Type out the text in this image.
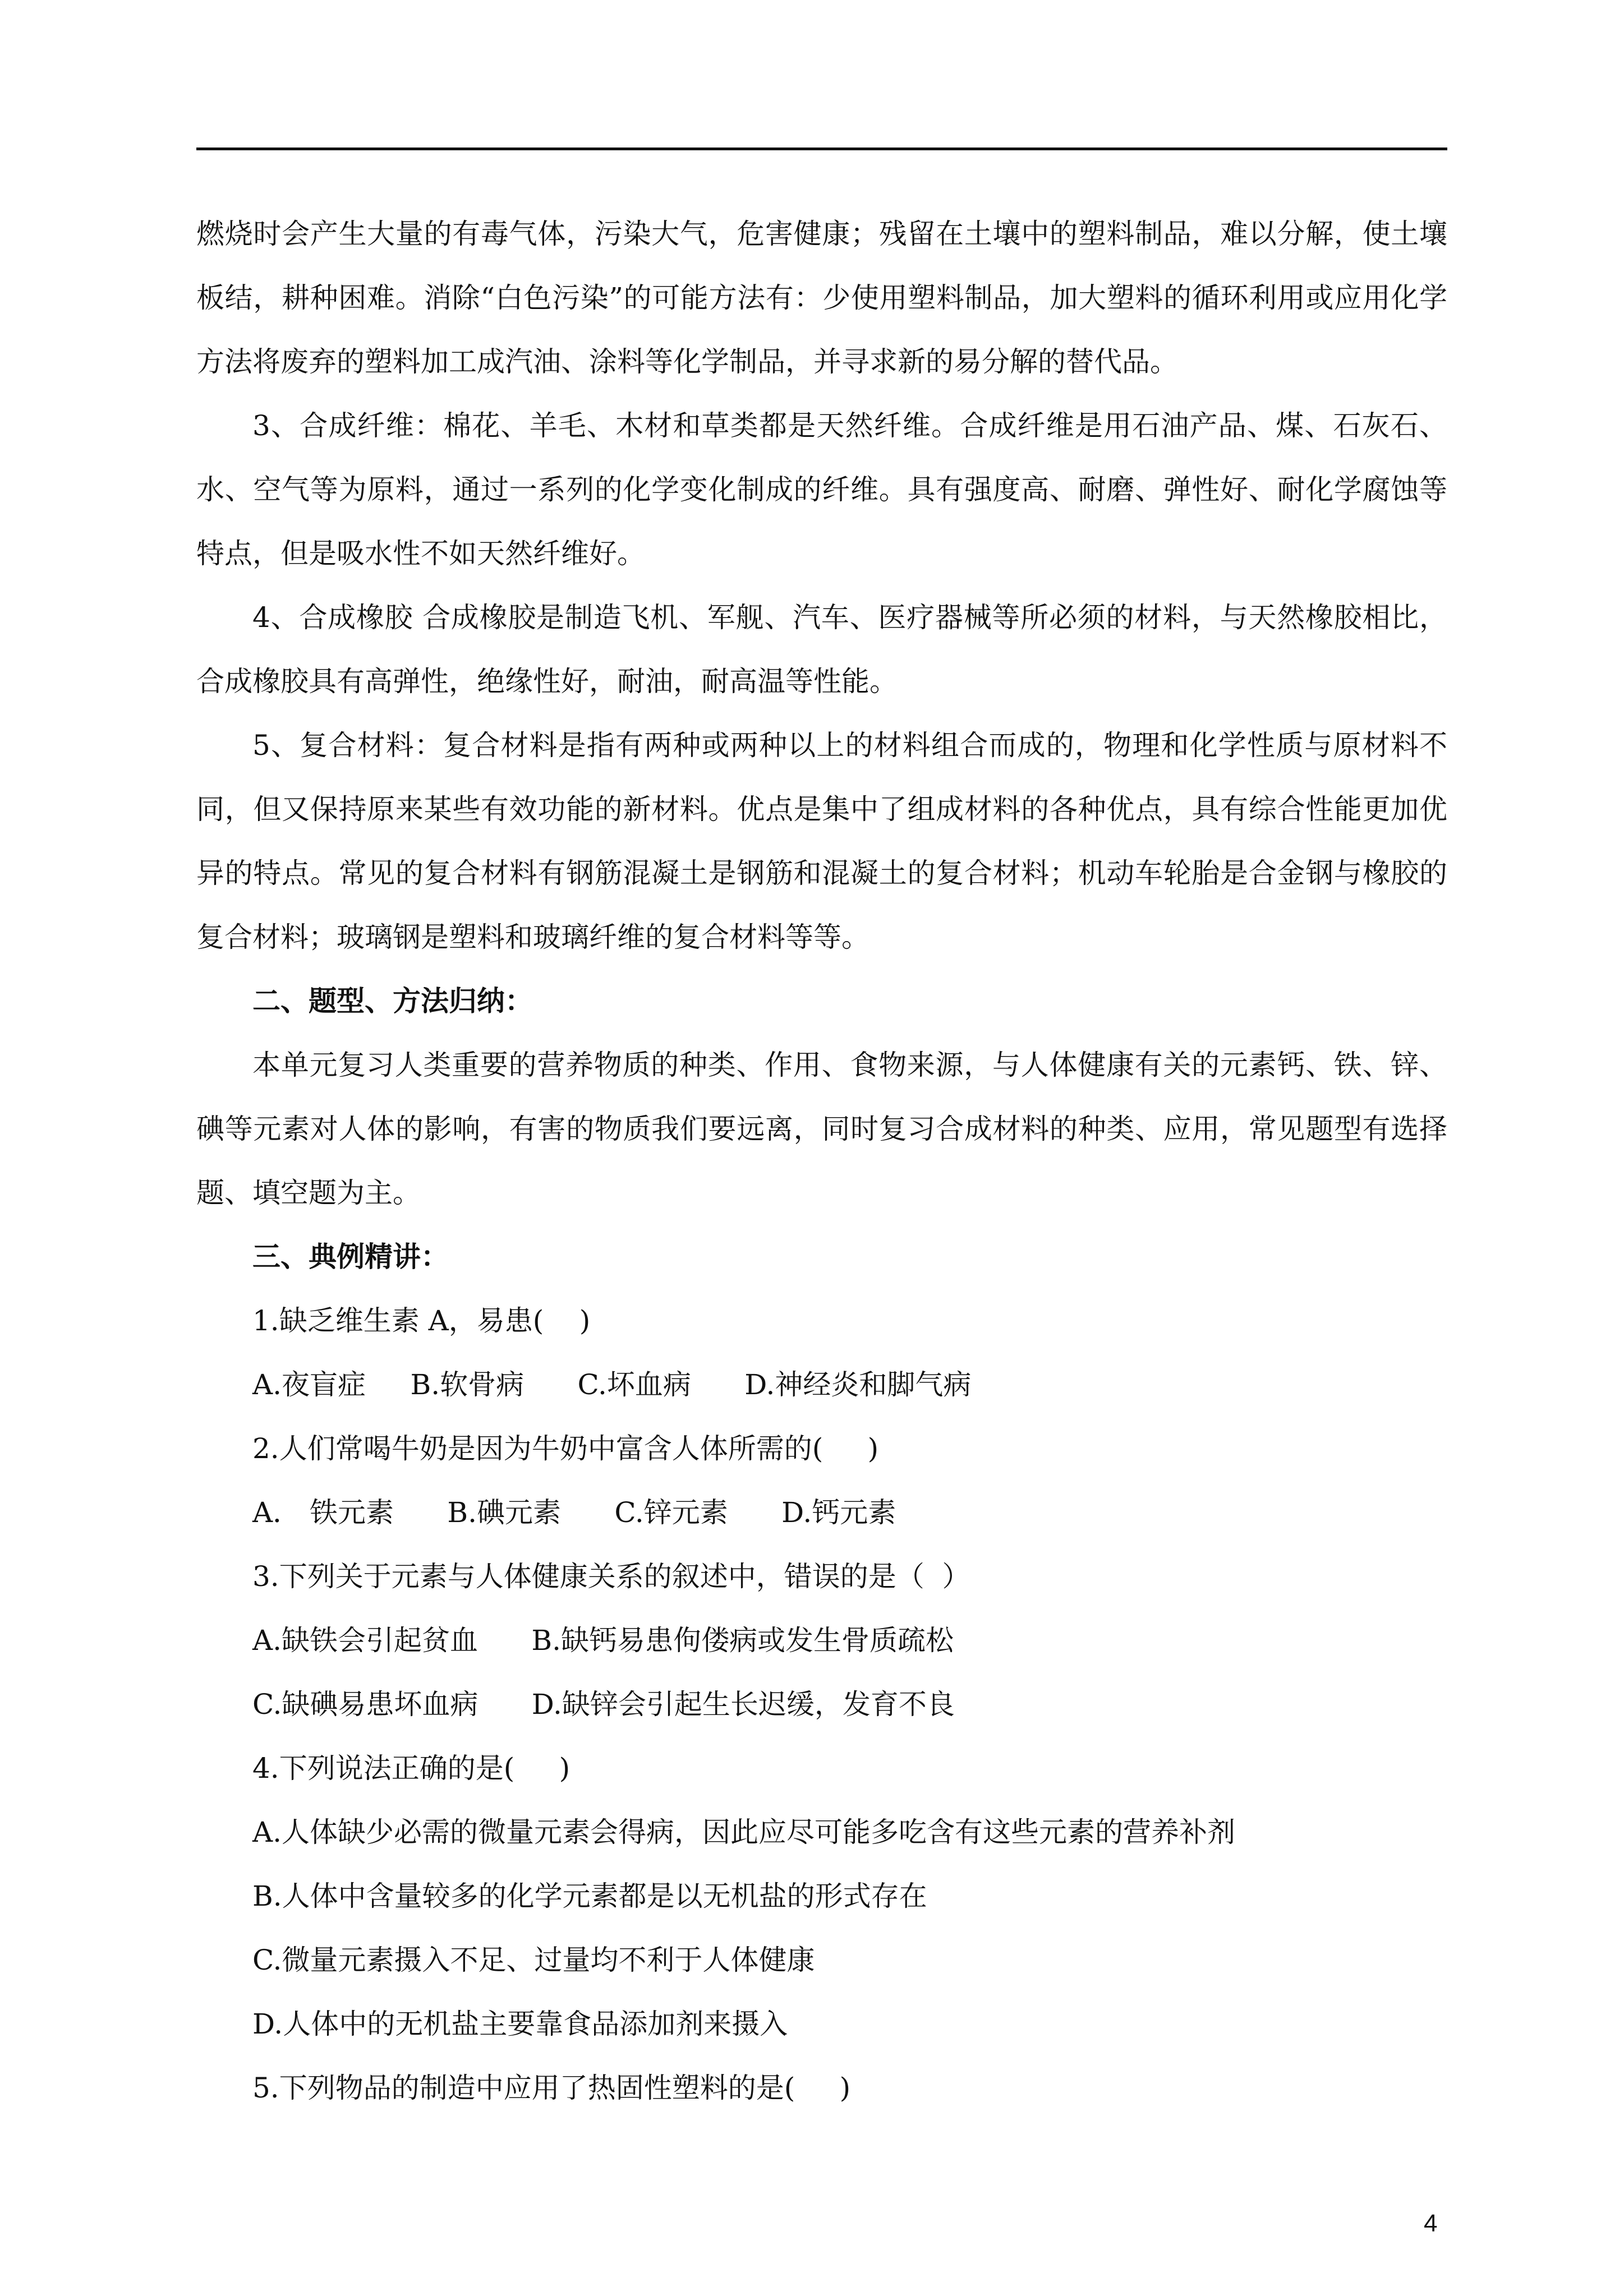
燃烧时会产生大量的有毒气体，污染大气，危害健康；残留在土壤中的塑料制品，难以分解，使土壤板结，耕种困难。消除“白色污染”的可能方法有：少使用塑料制品，加大塑料的循环利用或应用化学方法将废弃的塑料加工成汽油、涂料等化学制品，并寻求新的易分解的替代品。

3、合成纤维：棉花、羊毛、木材和草类都是天然纤维。合成纤维是用石油产品、煤、石灰石、水、空气等为原料，通过一系列的化学变化制成的纤维。具有强度高、耐磨、弹性好、耐化学腐蚀等特点，但是吸水性不如天然纤维好。

4、合成橡胶 合成橡胶是制造飞机、军舰、汽车、医疗器械等所必须的材料，与天然橡胶相比，合成橡胶具有高弹性，绝缘性好，耐油，耐高温等性能。

5、复合材料：复合材料是指有两种或两种以上的材料组合而成的，物理和化学性质与原材料不同，但又保持原来某些有效功能的新材料。优点是集中了组成材料的各种优点，具有综合性能更加优异的特点。常见的复合材料有钢筋混凝土是钢筋和混凝土的复合材料；机动车轮胎是合金钢与橡胶的复合材料；玻璃钢是塑料和玻璃纤维的复合材料等等。

二、题型、方法归纳：

本单元复习人类重要的营养物质的种类、作用、食物来源，与人体健康有关的元素钙、铁、锌、碘等元素对人体的影响，有害的物质我们要远离，同时复习合成材料的种类、应用，常见题型有选择题、填空题为主。

三、典例精讲：

1.缺乏维生素 A，易患(    )
A.夜盲症     B.软骨病      C.坏血病      D.神经炎和脚气病
2.人们常喝牛奶是因为牛奶中富含人体所需的(     )
A． 铁元素      B.碘元素      C.锌元素      D.钙元素
3.下列关于元素与人体健康关系的叙述中，错误的是（  ）
A.缺铁会引起贫血      B.缺钙易患佝偻病或发生骨质疏松
C.缺碘易患坏血病      D.缺锌会引起生长迟缓，发育不良
4.下列说法正确的是(     )
A.人体缺少必需的微量元素会得病，因此应尽可能多吃含有这些元素的营养补剂
B.人体中含量较多的化学元素都是以无机盐的形式存在
C.微量元素摄入不足、过量均不利于人体健康
D.人体中的无机盐主要靠食品添加剂来摄入
5.下列物品的制造中应用了热固性塑料的是(     )
4
